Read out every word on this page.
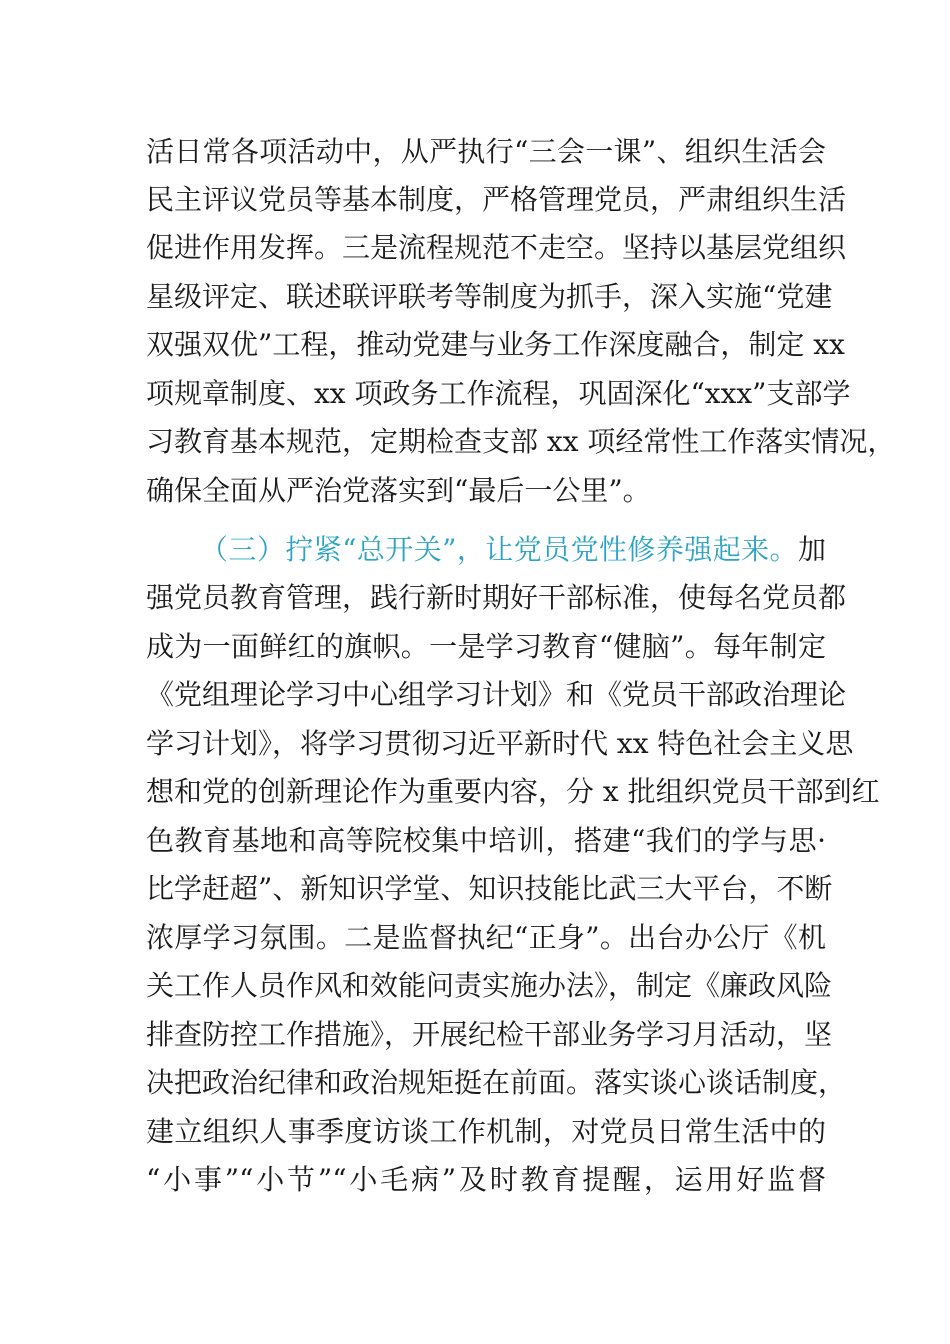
活日常各项活动中，从严执行“三会一课”、组织生活会
民主评议党员等基本制度，严格管理党员，严肃组织生活
促进作用发挥。三是流程规范不走空。坚持以基层党组织
星级评定、联述联评联考等制度为抓手，深入实施“党建
双强双优”工程，推动党建与业务工作深度融合，制定 xx
项规章制度、xx 项政务工作流程，巩固深化“xxx”支部学
习教育基本规范，定期检查支部 xx 项经常性工作落实情况，
确保全面从严治党落实到“最后一公里”。
（三）拧紧“总开关”，让党员党性修养强起来。加
强党员教育管理，践行新时期好干部标准，使每名党员都
成为一面鲜红的旗帜。一是学习教育“健脑”。每年制定
《党组理论学习中心组学习计划》和《党员干部政治理论
学习计划》，将学习贯彻习近平新时代 xx 特色社会主义思
想和党的创新理论作为重要内容，分 x 批组织党员干部到红
色教育基地和高等院校集中培训，搭建“我们的学与思·
比学赶超”、新知识学堂、知识技能比武三大平台，不断
浓厚学习氛围。二是监督执纪“正身”。出台办公厅《机
关工作人员作风和效能问责实施办法》，制定《廉政风险
排查防控工作措施》，开展纪检干部业务学习月活动，坚
决把政治纪律和政治规矩挺在前面。落实谈心谈话制度，
建立组织人事季度访谈工作机制，对党员日常生活中的
“小事”“小节”“小毛病”及时教育提醒，运用好监督
